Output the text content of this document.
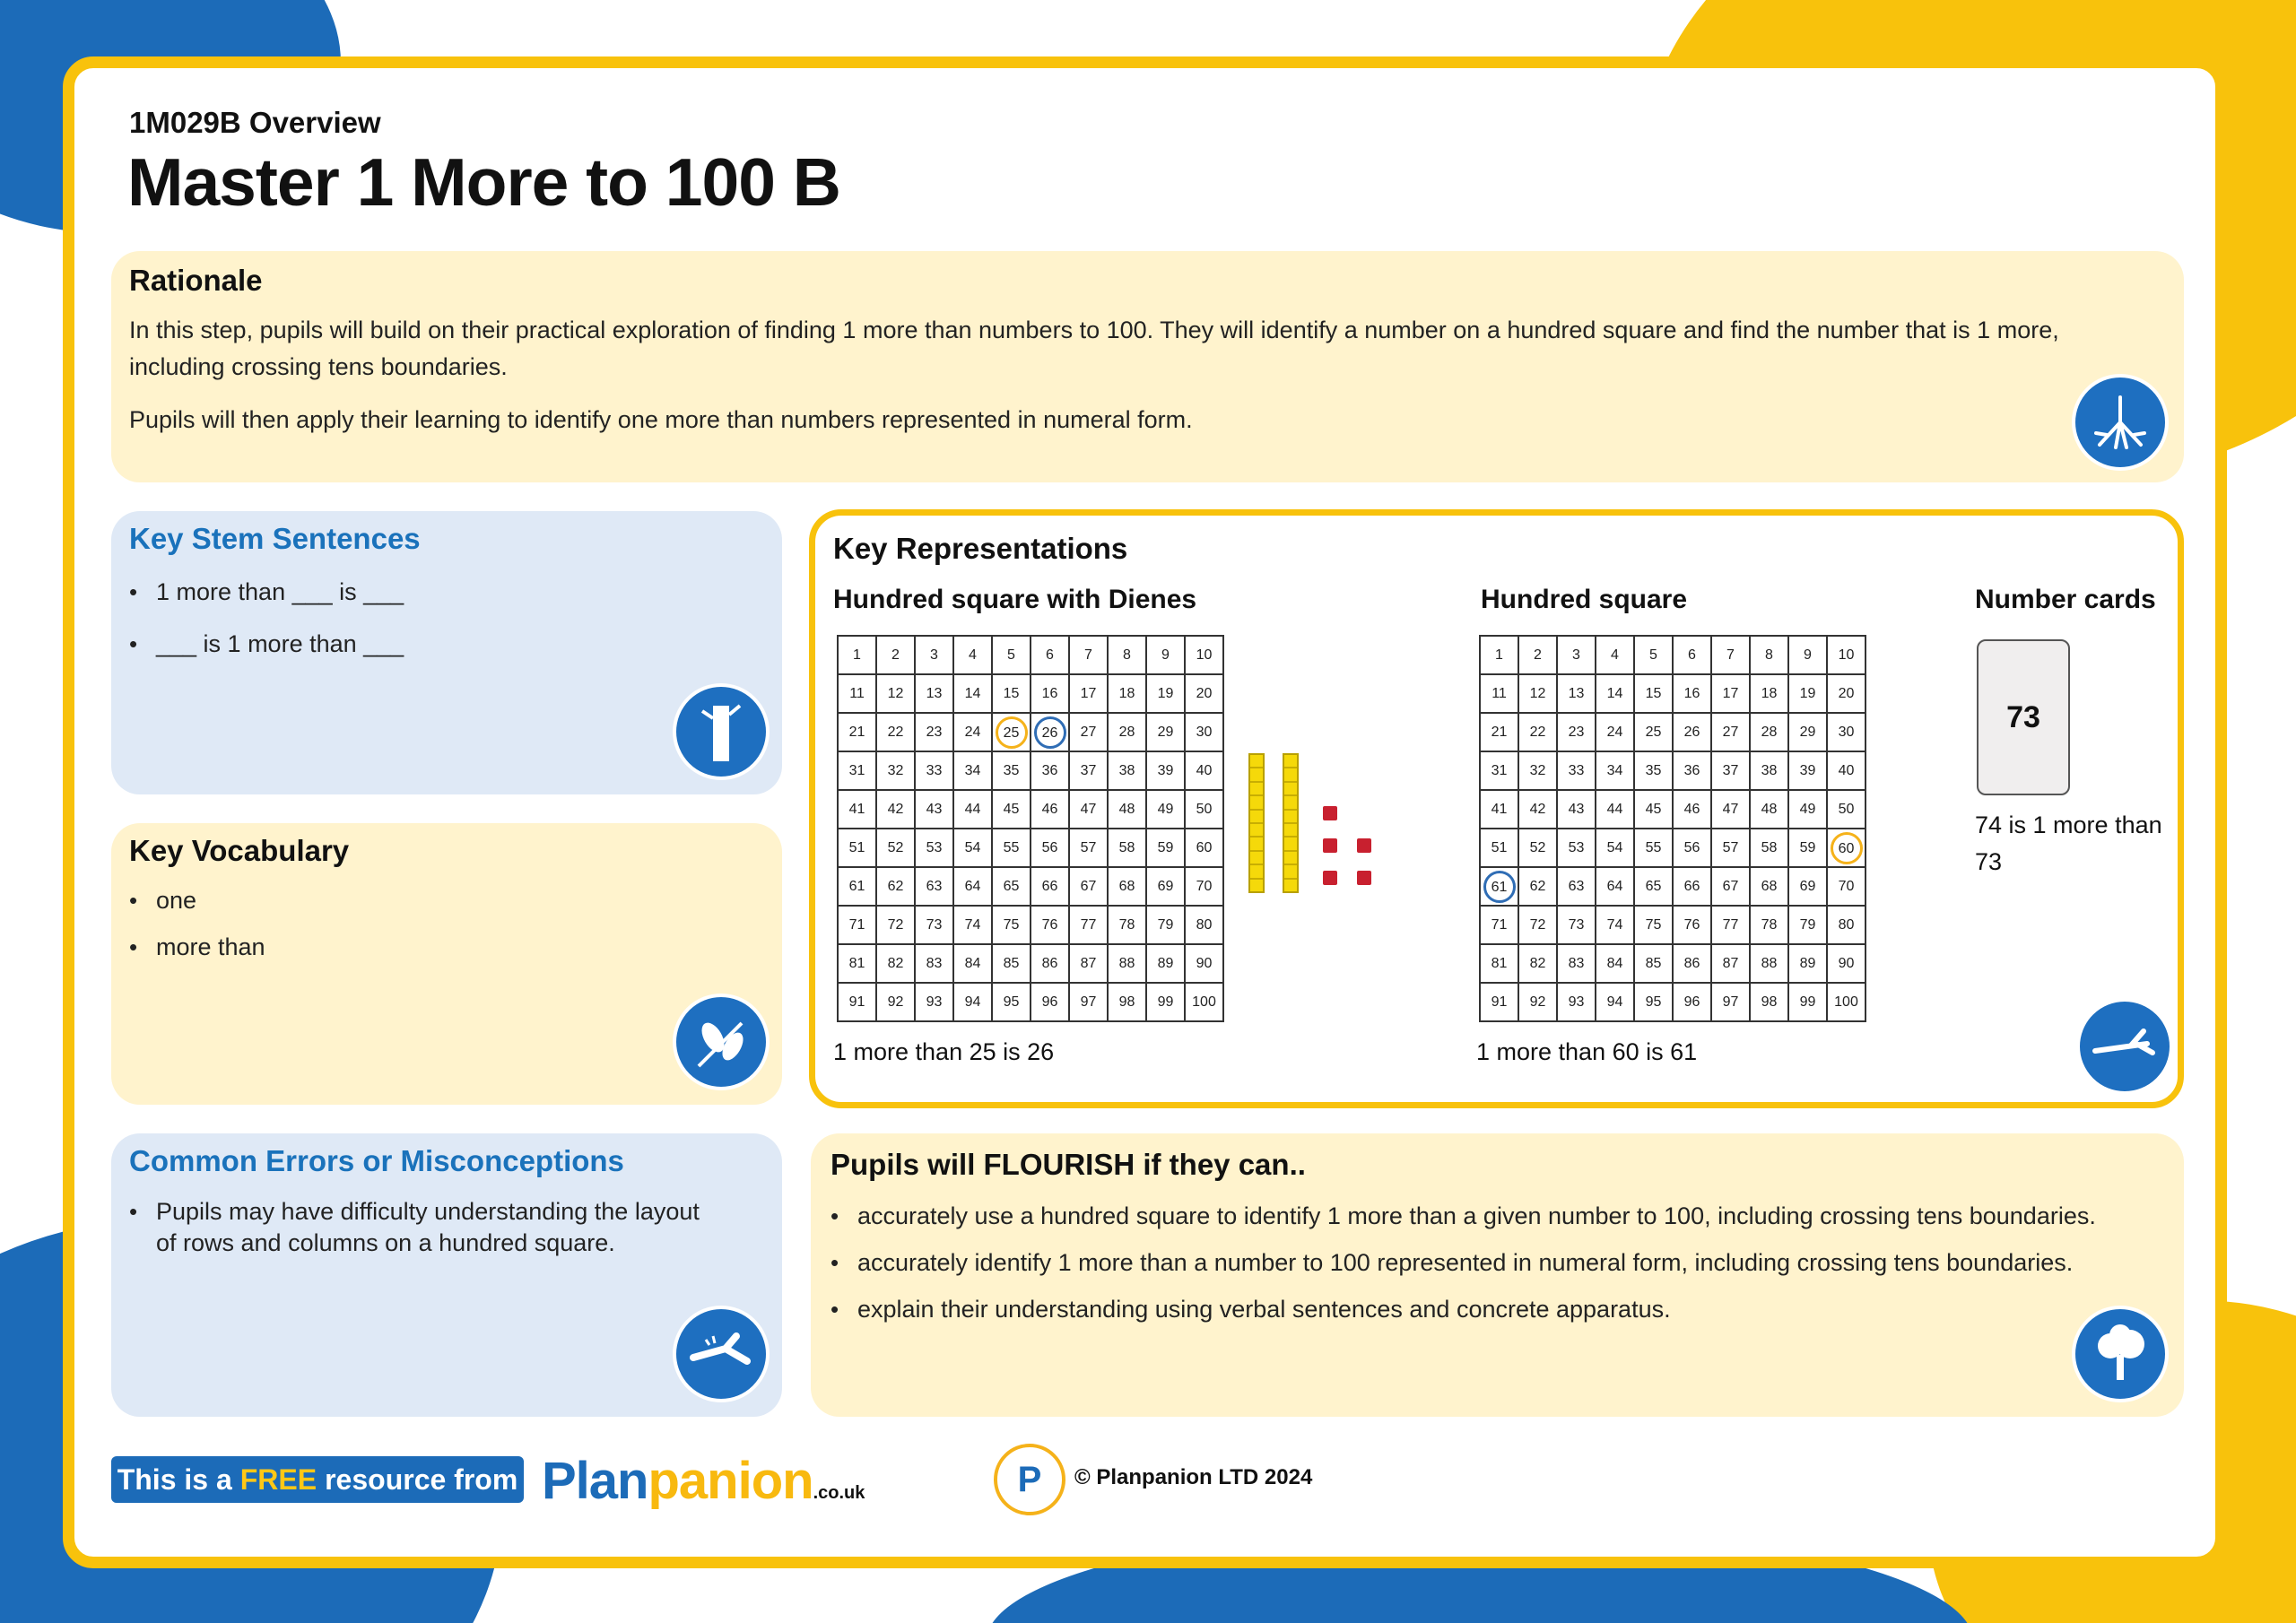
1M029B Overview
Master 1 More to 100 B
Rationale

In this step, pupils will build on their practical exploration of finding 1 more than numbers to 100. They will identify a number on a hundred square and find the number that is 1 more,

including crossing tens boundaries.

Pupils will then apply their learning to identify one more than numbers represented in numeral form.

Key Stem Sentences
• 1 more than ___ is ___
• ___ is 1 more than ___
Key Vocabulary
• one
• more than
Common Errors or Misconceptions
• Pupils may have difficulty understanding the layout
of rows and columns on a hundred square.
Key Representations
Hundred square with Dienes	Hundred square	Number cards
1	2	3	4	5	6	7	8	9	10
11	12	13	14	15	16	17	18	19	20
21	22	23	24	25	26	27	28	29	30
31	32	33	34	35	36	37	38	39	40
41	42	43	44	45	46	47	48	49	50
51	52	53	54	55	56	57	58	59	60
61	62	63	64	65	66	67	68	69	70
71	72	73	74	75	76	77	78	79	80
81	82	83	84	85	86	87	88	89	90
91	92	93	94	95	96	97	98	99	100
1	2	3	4	5	6	7	8	9	10
11	12	13	14	15	16	17	18	19	20
21	22	23	24	25	26	27	28	29	30
31	32	33	34	35	36	37	38	39	40
41	42	43	44	45	46	47	48	49	50
51	52	53	54	55	56	57	58	59	60
61	62	63	64	65	66	67	68	69	70
71	72	73	74	75	76	77	78	79	80
81	82	83	84	85	86	87	88	89	90
91	92	93	94	95	96	97	98	99	100
73
74 is 1 more than
73
1 more than 25 is 26	1 more than 60 is 61
Pupils will FLOURISH if they can..
• accurately use a hundred square to identify 1 more than a given number to 100, including crossing tens boundaries.
• accurately identify 1 more than a number to 100 represented in numeral form, including crossing tens boundaries.
• explain their understanding using verbal sentences and concrete apparatus.
This is a FREE resource from Planpanion.co.uk	P © Planpanion LTD 2024
